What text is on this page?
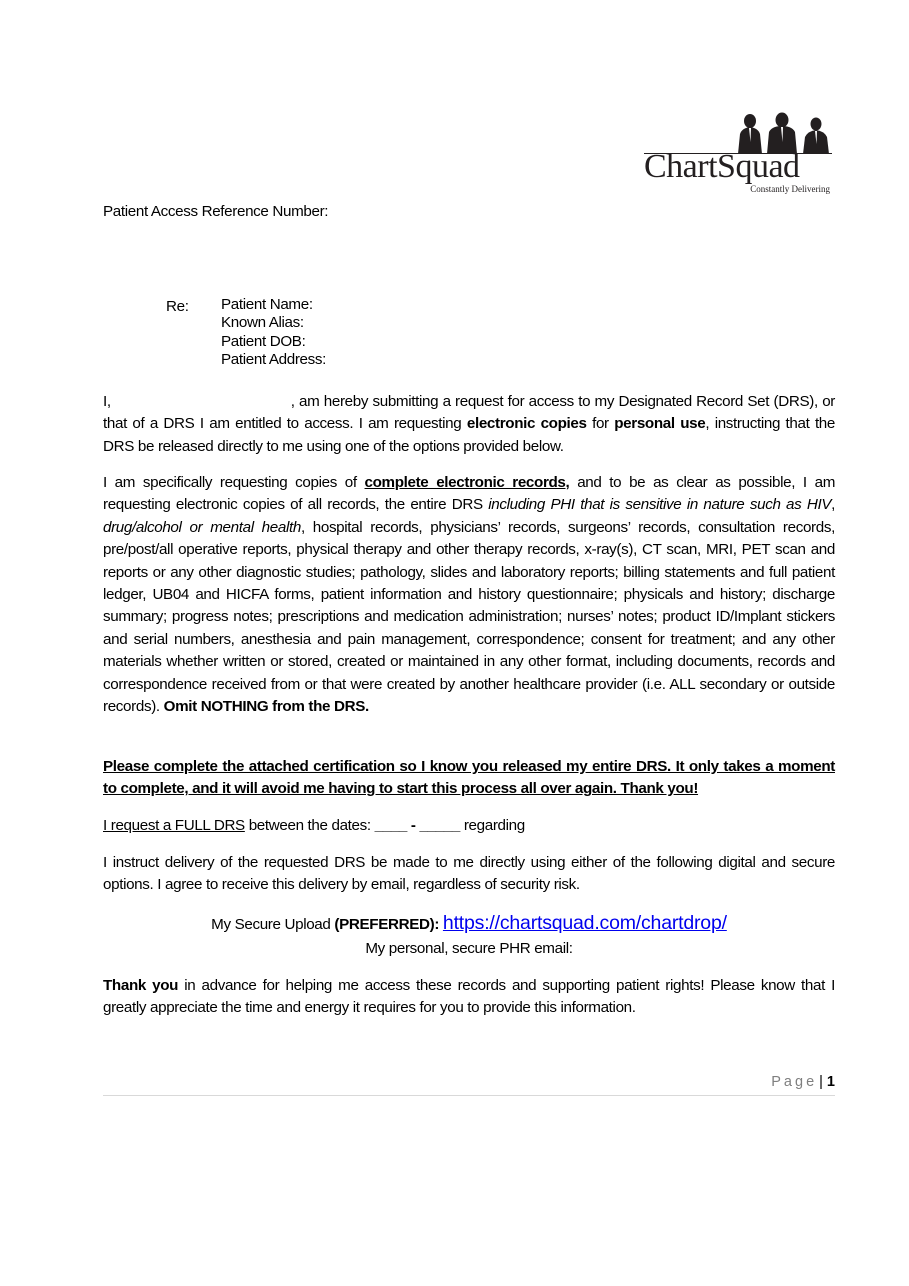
ChartSquad
Constantly Delivering
Patient Access Reference Number:
Re: Patient Name:
Known Alias:
Patient DOB:
Patient Address:
I,	, am hereby submitting a request for access to my Designated Record Set (DRS), or that of a DRS I am entitled to access. I am requesting electronic copies for personal use, instructing that the DRS be released directly to me using one of the options provided below.
I am specifically requesting copies of complete electronic records, and to be as clear as possible, I am requesting electronic copies of all records, the entire DRS including PHI that is sensitive in nature such as HIV, drug/alcohol or mental health, hospital records, physicians’ records, surgeons’ records, consultation records, pre/post/all operative reports, physical therapy and other therapy records, x-ray(s), CT scan, MRI, PET scan and reports or any other diagnostic studies; pathology, slides and laboratory reports; billing statements and full patient ledger, UB04 and HICFA forms, patient information and history questionnaire; physicals and history; discharge summary; progress notes; prescriptions and medication administration; nurses’ notes; product ID/Implant stickers and serial numbers, anesthesia and pain management, correspondence; consent for treatment; and any other materials whether written or stored, created or maintained in any other format, including documents, records and correspondence received from or that were created by another healthcare provider (i.e. ALL secondary or outside records). Omit NOTHING from the DRS.
Please complete the attached certification so I know you released my entire DRS. It only takes a moment to complete, and it will avoid me having to start this process all over again. Thank you!
I request a FULL DRS between the dates: ____ - _____ regarding
I instruct delivery of the requested DRS be made to me directly using either of the following digital and secure options. I agree to receive this delivery by email, regardless of security risk.
My Secure Upload (PREFERRED): https://chartsquad.com/chartdrop/
My personal, secure PHR email:
Thank you in advance for helping me access these records and supporting patient rights! Please know that I greatly appreciate the time and energy it requires for you to provide this information.
Page | 1
